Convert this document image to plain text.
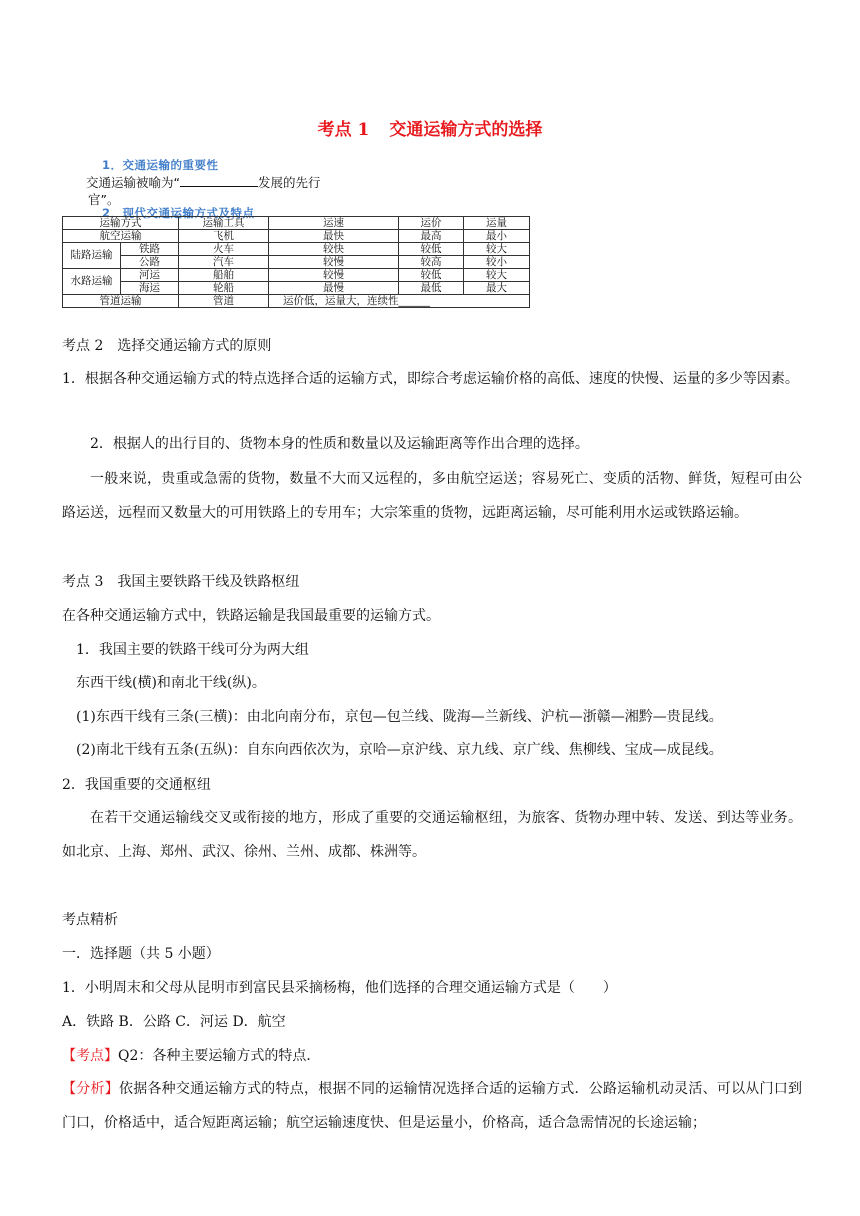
考点 1 交通运输方式的选择
1．交通运输的重要性
交通运输被喻为“	发展的先行
官”。
2．现代交通运输方式及特点
运输方式		运输工具	运速	运价	运量
航空运输		飞机	最快	最高	最小
陆路运输	铁路	火车	较快	较低	较大
	公路	汽车	较慢	较高	较小
水路运输	河运	船舶	较慢	较低	较大
	海运	轮船	最慢	最低	最大
管道运输		管道	运价低，运量大，连续性______		
考点 2　选择交通运输方式的原则
1．根据各种交通运输方式的特点选择合适的运输方式，即综合考虑运输价格的高低、速度的快慢、运量的多少等因素。
2．根据人的出行目的、货物本身的性质和数量以及运输距离等作出合理的选择。
一般来说，贵重或急需的货物，数量不大而又远程的，多由航空运送；容易死亡、变质的活物、鲜货，短程可由公路运送，远程而又数量大的可用铁路上的专用车；大宗笨重的货物，远距离运输，尽可能利用水运或铁路运输。
考点 3　我国主要铁路干线及铁路枢纽
在各种交通运输方式中，铁路运输是我国最重要的运输方式。
1．我国主要的铁路干线可分为两大组
东西干线(横)和南北干线(纵)。
(1)东西干线有三条(三横)：由北向南分布，京包—包兰线、陇海—兰新线、沪杭—浙赣—湘黔—贵昆线。
(2)南北干线有五条(五纵)：自东向西依次为，京哈—京沪线、京九线、京广线、焦柳线、宝成—成昆线。
2．我国重要的交通枢纽
在若干交通运输线交叉或衔接的地方，形成了重要的交通运输枢纽，为旅客、货物办理中转、发送、到达等业务。如北京、上海、郑州、武汉、徐州、兰州、成都、株洲等。
考点精析
一．选择题（共 5 小题）
1．小明周末和父母从昆明市到富民县采摘杨梅，他们选择的合理交通运输方式是（　　）
A．铁路 B．公路 C．河运 D．航空
【考点】Q2：各种主要运输方式的特点．
【分析】依据各种交通运输方式的特点，根据不同的运输情况选择合适的运输方式．公路运输机动灵活、可以从门口到门口，价格适中，适合短距离运输；航空运输速度快、但是运量小，价格高，适合急需情况的长途运输；
